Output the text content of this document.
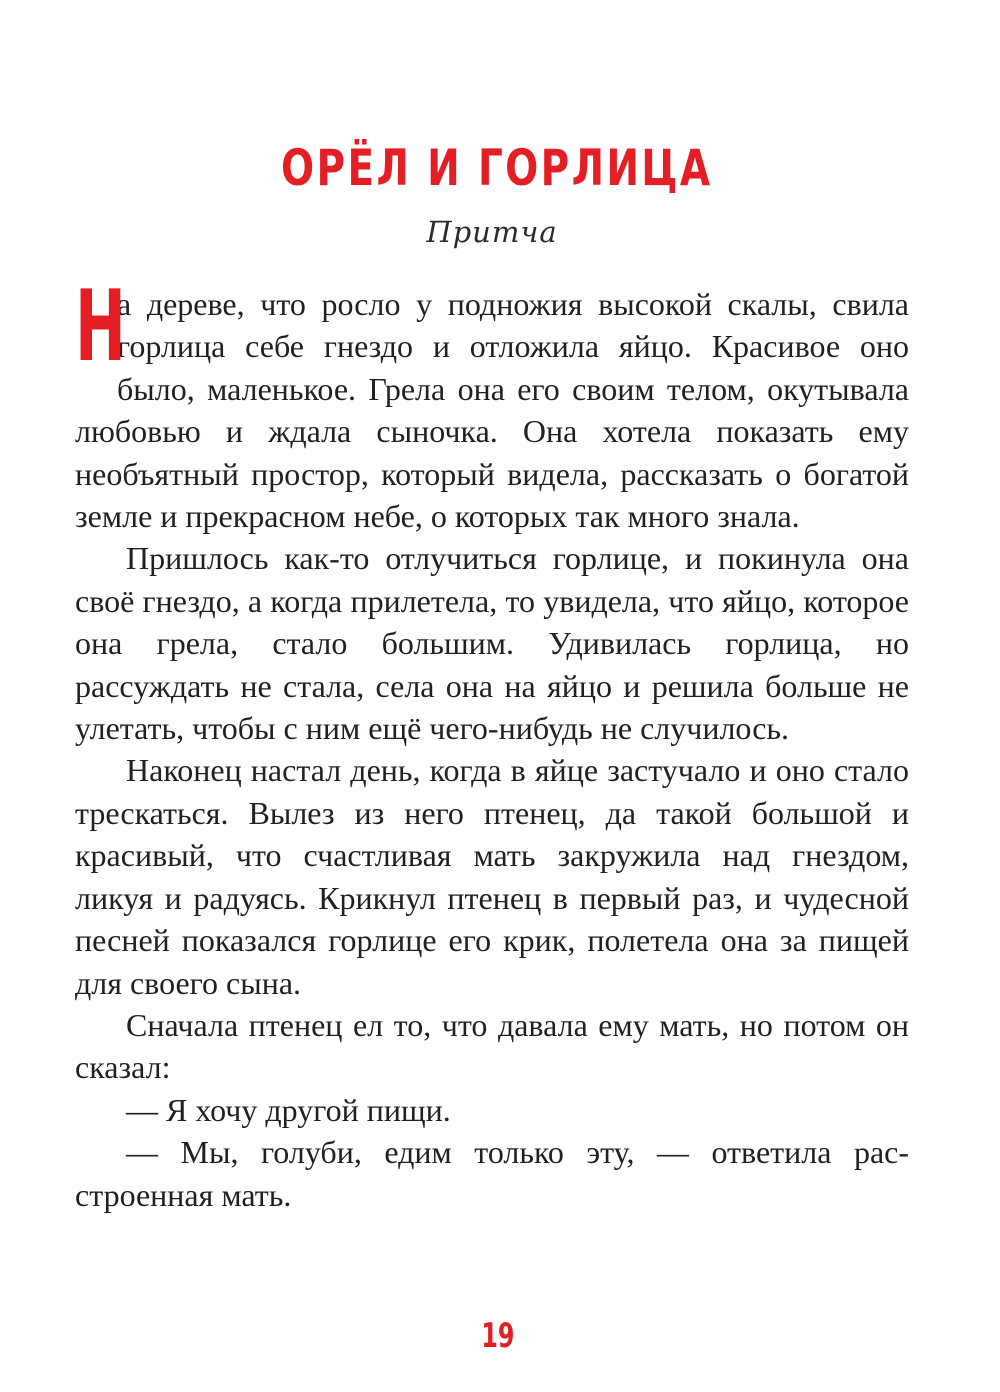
ОРЁЛ И ГОРЛИЦА
Притча

Н
а дереве, что росло у подножия высокой скалы, свила горлица себе гнездо и отложила яйцо. Красивое оно было, маленькое. Грела она его своим телом, окутывала любовью и ждала сыночка. Она хотела показать ему необъятный простор, который видела, рассказать о богатой земле и прекрасном небе, о которых так много знала.

Пришлось как-то отлучиться горлице, и покинула она своё гнездо, а когда прилетела, то увидела, что яйцо, которое она грела, стало большим. Удивилась горлица, но рассуждать не стала, села она на яйцо и решила больше не улетать, чтобы с ним ещё чего-нибудь не случилось.

Наконец настал день, когда в яйце застучало и оно стало трескаться. Вылез из него птенец, да такой большой и красивый, что счастливая мать закружила над гнездом, ликуя и радуясь. Крикнул птенец в первый раз, и чудесной песней показался горлице его крик, полетела она за пищей для своего сына.

Сначала птенец ел то, что давала ему мать, но потом он сказал:

— Я хочу другой пищи.

— Мы, голуби, едим только эту, — ответила расстроенная мать.

19
